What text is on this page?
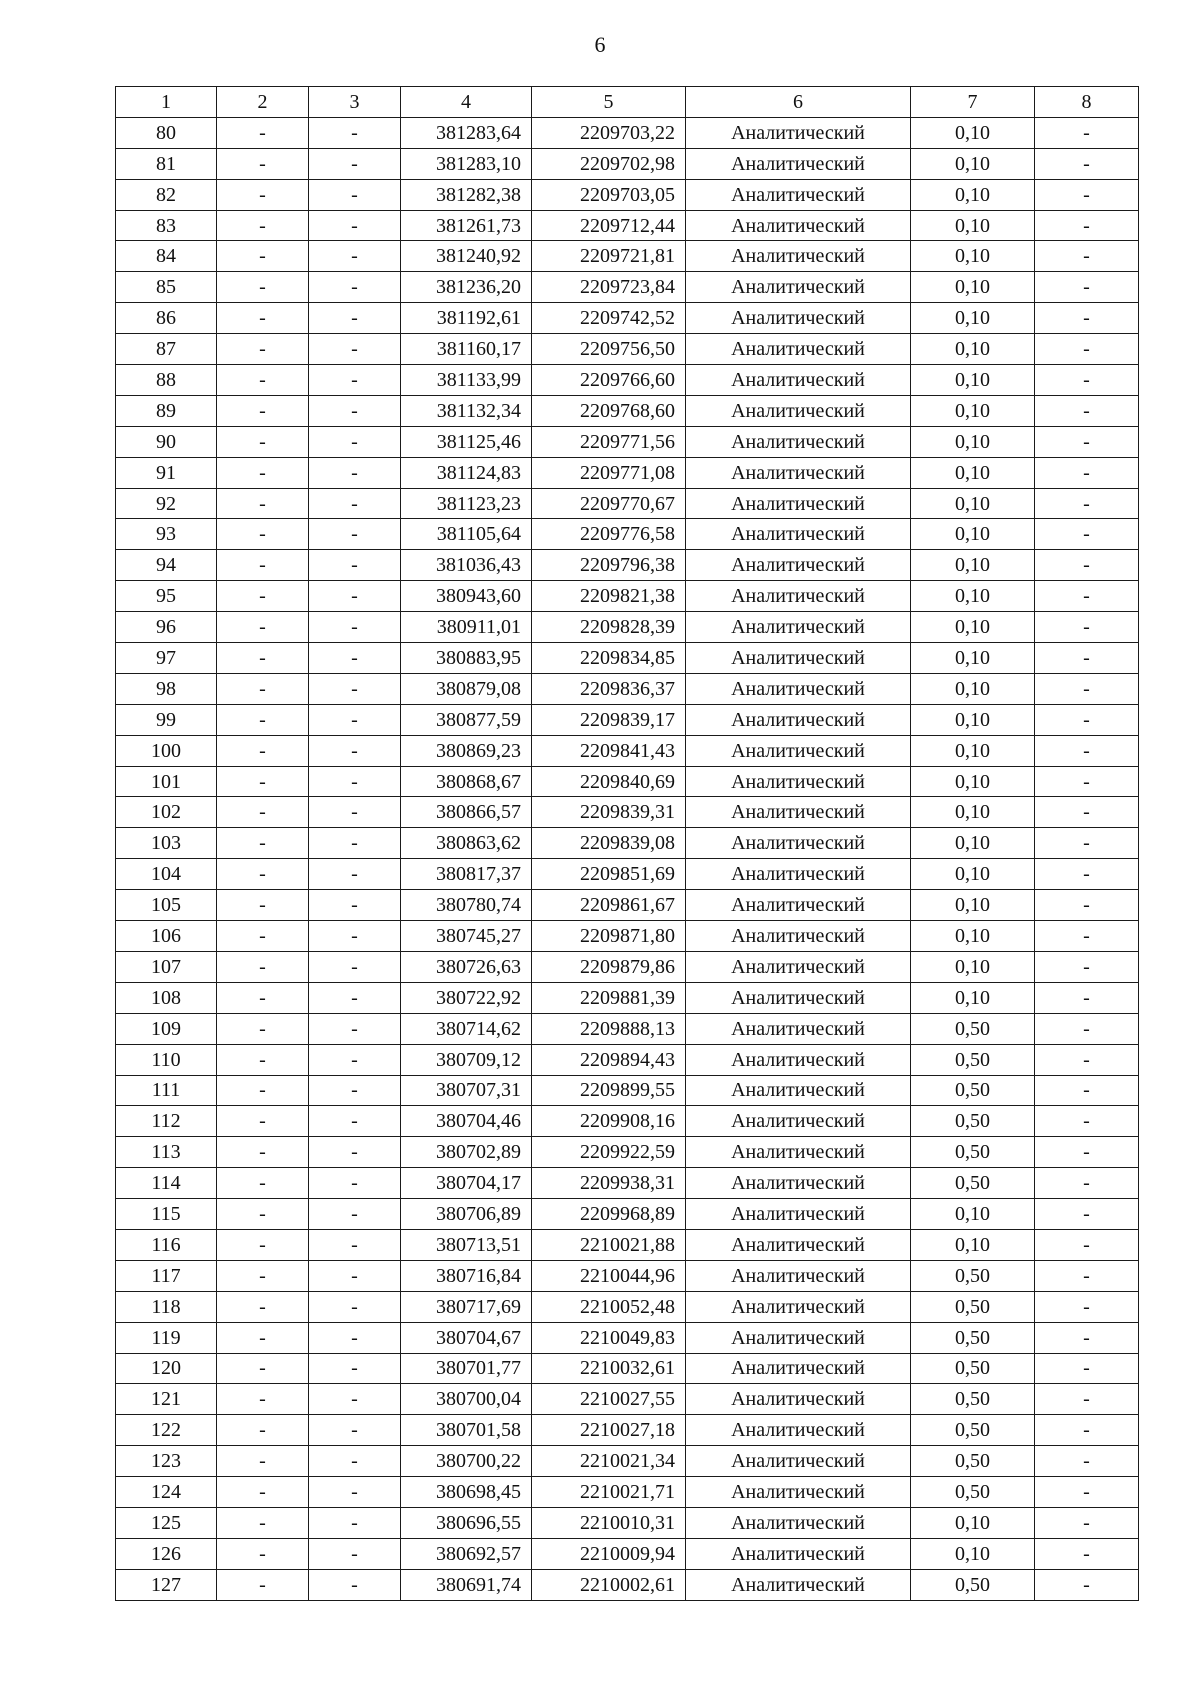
6
1	2	3	4	5	6	7	8
80	-	-	381283,64	2209703,22	Аналитический	0,10	-
81	-	-	381283,10	2209702,98	Аналитический	0,10	-
82	-	-	381282,38	2209703,05	Аналитический	0,10	-
83	-	-	381261,73	2209712,44	Аналитический	0,10	-
84	-	-	381240,92	2209721,81	Аналитический	0,10	-
85	-	-	381236,20	2209723,84	Аналитический	0,10	-
86	-	-	381192,61	2209742,52	Аналитический	0,10	-
87	-	-	381160,17	2209756,50	Аналитический	0,10	-
88	-	-	381133,99	2209766,60	Аналитический	0,10	-
89	-	-	381132,34	2209768,60	Аналитический	0,10	-
90	-	-	381125,46	2209771,56	Аналитический	0,10	-
91	-	-	381124,83	2209771,08	Аналитический	0,10	-
92	-	-	381123,23	2209770,67	Аналитический	0,10	-
93	-	-	381105,64	2209776,58	Аналитический	0,10	-
94	-	-	381036,43	2209796,38	Аналитический	0,10	-
95	-	-	380943,60	2209821,38	Аналитический	0,10	-
96	-	-	380911,01	2209828,39	Аналитический	0,10	-
97	-	-	380883,95	2209834,85	Аналитический	0,10	-
98	-	-	380879,08	2209836,37	Аналитический	0,10	-
99	-	-	380877,59	2209839,17	Аналитический	0,10	-
100	-	-	380869,23	2209841,43	Аналитический	0,10	-
101	-	-	380868,67	2209840,69	Аналитический	0,10	-
102	-	-	380866,57	2209839,31	Аналитический	0,10	-
103	-	-	380863,62	2209839,08	Аналитический	0,10	-
104	-	-	380817,37	2209851,69	Аналитический	0,10	-
105	-	-	380780,74	2209861,67	Аналитический	0,10	-
106	-	-	380745,27	2209871,80	Аналитический	0,10	-
107	-	-	380726,63	2209879,86	Аналитический	0,10	-
108	-	-	380722,92	2209881,39	Аналитический	0,10	-
109	-	-	380714,62	2209888,13	Аналитический	0,50	-
110	-	-	380709,12	2209894,43	Аналитический	0,50	-
111	-	-	380707,31	2209899,55	Аналитический	0,50	-
112	-	-	380704,46	2209908,16	Аналитический	0,50	-
113	-	-	380702,89	2209922,59	Аналитический	0,50	-
114	-	-	380704,17	2209938,31	Аналитический	0,50	-
115	-	-	380706,89	2209968,89	Аналитический	0,10	-
116	-	-	380713,51	2210021,88	Аналитический	0,10	-
117	-	-	380716,84	2210044,96	Аналитический	0,50	-
118	-	-	380717,69	2210052,48	Аналитический	0,50	-
119	-	-	380704,67	2210049,83	Аналитический	0,50	-
120	-	-	380701,77	2210032,61	Аналитический	0,50	-
121	-	-	380700,04	2210027,55	Аналитический	0,50	-
122	-	-	380701,58	2210027,18	Аналитический	0,50	-
123	-	-	380700,22	2210021,34	Аналитический	0,50	-
124	-	-	380698,45	2210021,71	Аналитический	0,50	-
125	-	-	380696,55	2210010,31	Аналитический	0,10	-
126	-	-	380692,57	2210009,94	Аналитический	0,10	-
127	-	-	380691,74	2210002,61	Аналитический	0,50	-
